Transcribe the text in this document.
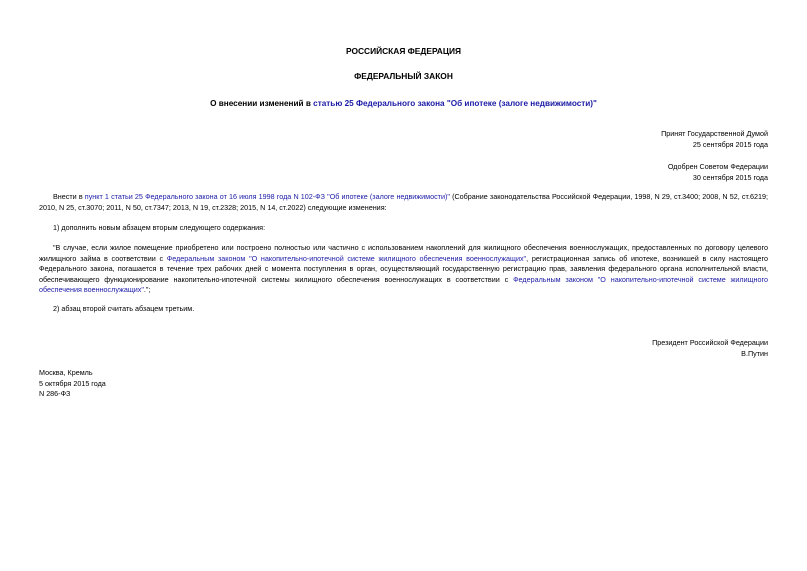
РОССИЙСКАЯ ФЕДЕРАЦИЯ
ФЕДЕРАЛЬНЫЙ ЗАКОН
О внесении изменений в статью 25 Федерального закона "Об ипотеке (залоге недвижимости)"
Принят Государственной Думой
25 сентября 2015 года
Одобрен Советом Федерации
30 сентября 2015 года
Внести в пункт 1 статьи 25 Федерального закона от 16 июля 1998 года N 102-ФЗ "Об ипотеке (залоге недвижимости)" (Собрание законодательства Российской Федерации, 1998, N 29, ст.3400; 2008, N 52, ст.6219; 2010, N 25, ст.3070; 2011, N 50, ст.7347; 2013, N 19, ст.2328; 2015, N 14, ст.2022) следующие изменения:
1) дополнить новым абзацем вторым следующего содержания:
"В случае, если жилое помещение приобретено или построено полностью или частично с использованием накоплений для жилищного обеспечения военнослужащих, предоставленных по договору целевого жилищного займа в соответствии с Федеральным законом "О накопительно-ипотечной системе жилищного обеспечения военнослужащих", регистрационная запись об ипотеке, возникшей в силу настоящего Федерального закона, погашается в течение трех рабочих дней с момента поступления в орган, осуществляющий государственную регистрацию прав, заявления федерального органа исполнительной власти, обеспечивающего функционирование накопительно-ипотечной системы жилищного обеспечения военнослужащих в соответствии с Федеральным законом "О накопительно-ипотечной системе жилищного обеспечения военнослужащих".";
2) абзац второй считать абзацем третьим.
Президент Российской Федерации
В.Путин
Москва, Кремль
5 октября 2015 года
N 286-ФЗ
